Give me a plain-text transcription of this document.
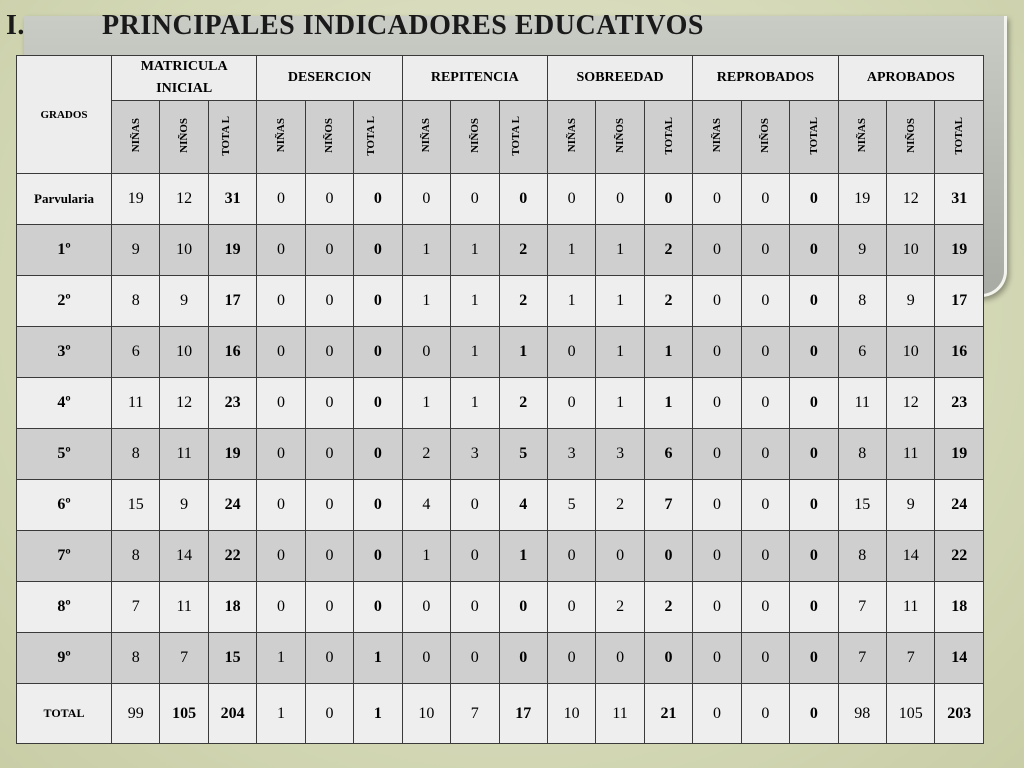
I.	PRINCIPALES INDICADORES EDUCATIVOS
GRADOS	MATRICULA INICIAL			DESERCION			REPITENCIA			SOBREEDAD			REPROBADOS			APROBADOS		
	NIÑAS	NIÑOS	TOTA L	NIÑAS	NIÑOS	TOTA L	NIÑAS	NIÑOS	TOTA L	NIÑAS	NIÑOS	TOTAL	NIÑAS	NIÑOS	TOTAL	NIÑAS	NIÑOS	TOTAL
Parvularia	19	12	31	0	0	0	0	0	0	0	0	0	0	0	0	19	12	31
1º	9	10	19	0	0	0	1	1	2	1	1	2	0	0	0	9	10	19
2º	8	9	17	0	0	0	1	1	2	1	1	2	0	0	0	8	9	17
3º	6	10	16	0	0	0	0	1	1	0	1	1	0	0	0	6	10	16
4º	11	12	23	0	0	0	1	1	2	0	1	1	0	0	0	11	12	23
5º	8	11	19	0	0	0	2	3	5	3	3	6	0	0	0	8	11	19
6º	15	9	24	0	0	0	4	0	4	5	2	7	0	0	0	15	9	24
7º	8	14	22	0	0	0	1	0	1	0	0	0	0	0	0	8	14	22
8º	7	11	18	0	0	0	0	0	0	0	2	2	0	0	0	7	11	18
9º	8	7	15	1	0	1	0	0	0	0	0	0	0	0	0	7	7	14
TOTAL	99	105	204	1	0	1	10	7	17	10	11	21	0	0	0	98	105	203
